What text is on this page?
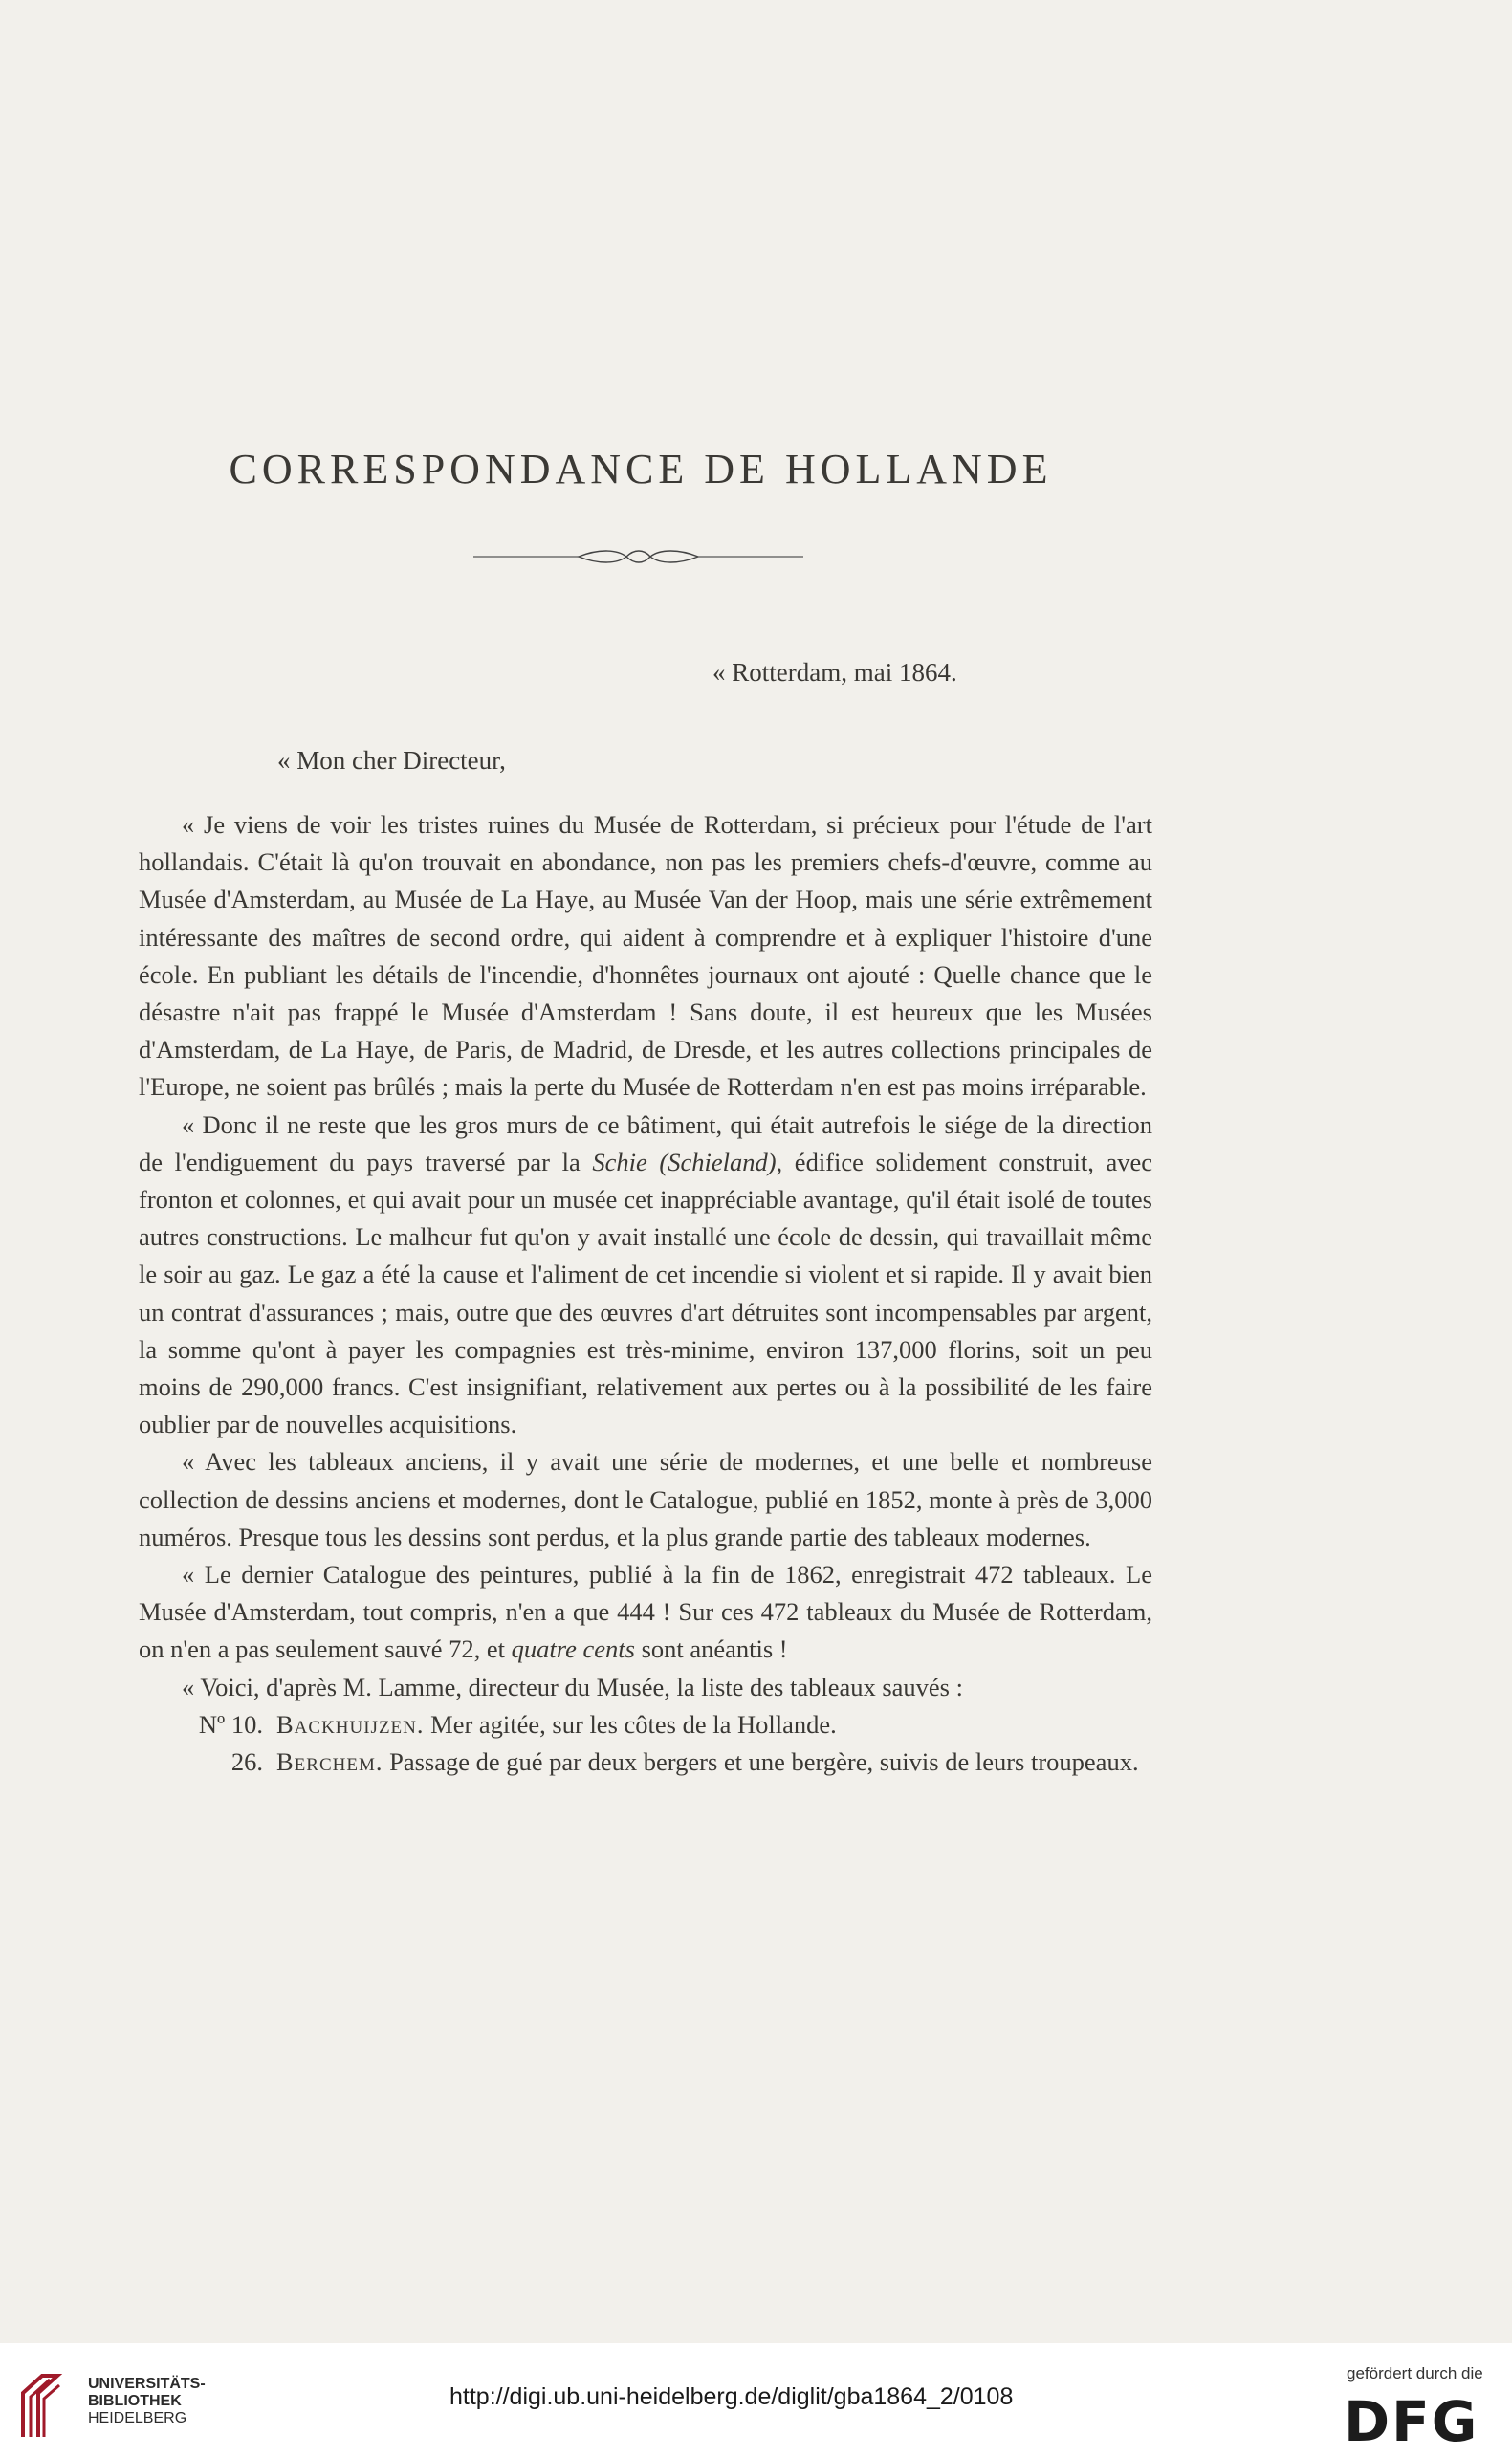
CORRESPONDANCE DE HOLLANDE
« Rotterdam, mai 1864.
« Mon cher Directeur,

« Je viens de voir les tristes ruines du Musée de Rotterdam, si précieux pour l'étude de l'art hollandais. C'était là qu'on trouvait en abondance, non pas les premiers chefs-d'œuvre, comme au Musée d'Amsterdam, au Musée de La Haye, au Musée Van der Hoop, mais une série extrêmement intéressante des maîtres de second ordre, qui aident à comprendre et à expliquer l'histoire d'une école. En publiant les détails de l'incendie, d'honnêtes journaux ont ajouté : Quelle chance que le désastre n'ait pas frappé le Musée d'Amsterdam ! Sans doute, il est heureux que les Musées d'Amsterdam, de La Haye, de Paris, de Madrid, de Dresde, et les autres collections principales de l'Europe, ne soient pas brûlés ; mais la perte du Musée de Rotterdam n'en est pas moins irréparable.

« Donc il ne reste que les gros murs de ce bâtiment, qui était autrefois le siége de la direction de l'endiguement du pays traversé par la Schie (Schieland), édifice solidement construit, avec fronton et colonnes, et qui avait pour un musée cet inappréciable avantage, qu'il était isolé de toutes autres constructions. Le malheur fut qu'on y avait installé une école de dessin, qui travaillait même le soir au gaz. Le gaz a été la cause et l'aliment de cet incendie si violent et si rapide. Il y avait bien un contrat d'assurances ; mais, outre que des œuvres d'art détruites sont incompensables par argent, la somme qu'ont à payer les compagnies est très-minime, environ 137,000 florins, soit un peu moins de 290,000 francs. C'est insignifiant, relativement aux pertes ou à la possibilité de les faire oublier par de nouvelles acquisitions.

« Avec les tableaux anciens, il y avait une série de modernes, et une belle et nombreuse collection de dessins anciens et modernes, dont le Catalogue, publié en 1852, monte à près de 3,000 numéros. Presque tous les dessins sont perdus, et la plus grande partie des tableaux modernes.

« Le dernier Catalogue des peintures, publié à la fin de 1862, enregistrait 472 tableaux. Le Musée d'Amsterdam, tout compris, n'en a que 444 ! Sur ces 472 tableaux du Musée de Rotterdam, on n'en a pas seulement sauvé 72, et quatre cents sont anéantis !

« Voici, d'après M. Lamme, directeur du Musée, la liste des tableaux sauvés :

Nº 10. Backhuijzen. Mer agitée, sur les côtes de la Hollande.
26. Berchem. Passage de gué par deux bergers et une bergère, suivis de leurs troupeaux.
UNIVERSITÄTS-
BIBLIOTHEK
HEIDELBERG
http://digi.ub.uni-heidelberg.de/diglit/gba1864_2/0108
gefördert durch die
DFG
